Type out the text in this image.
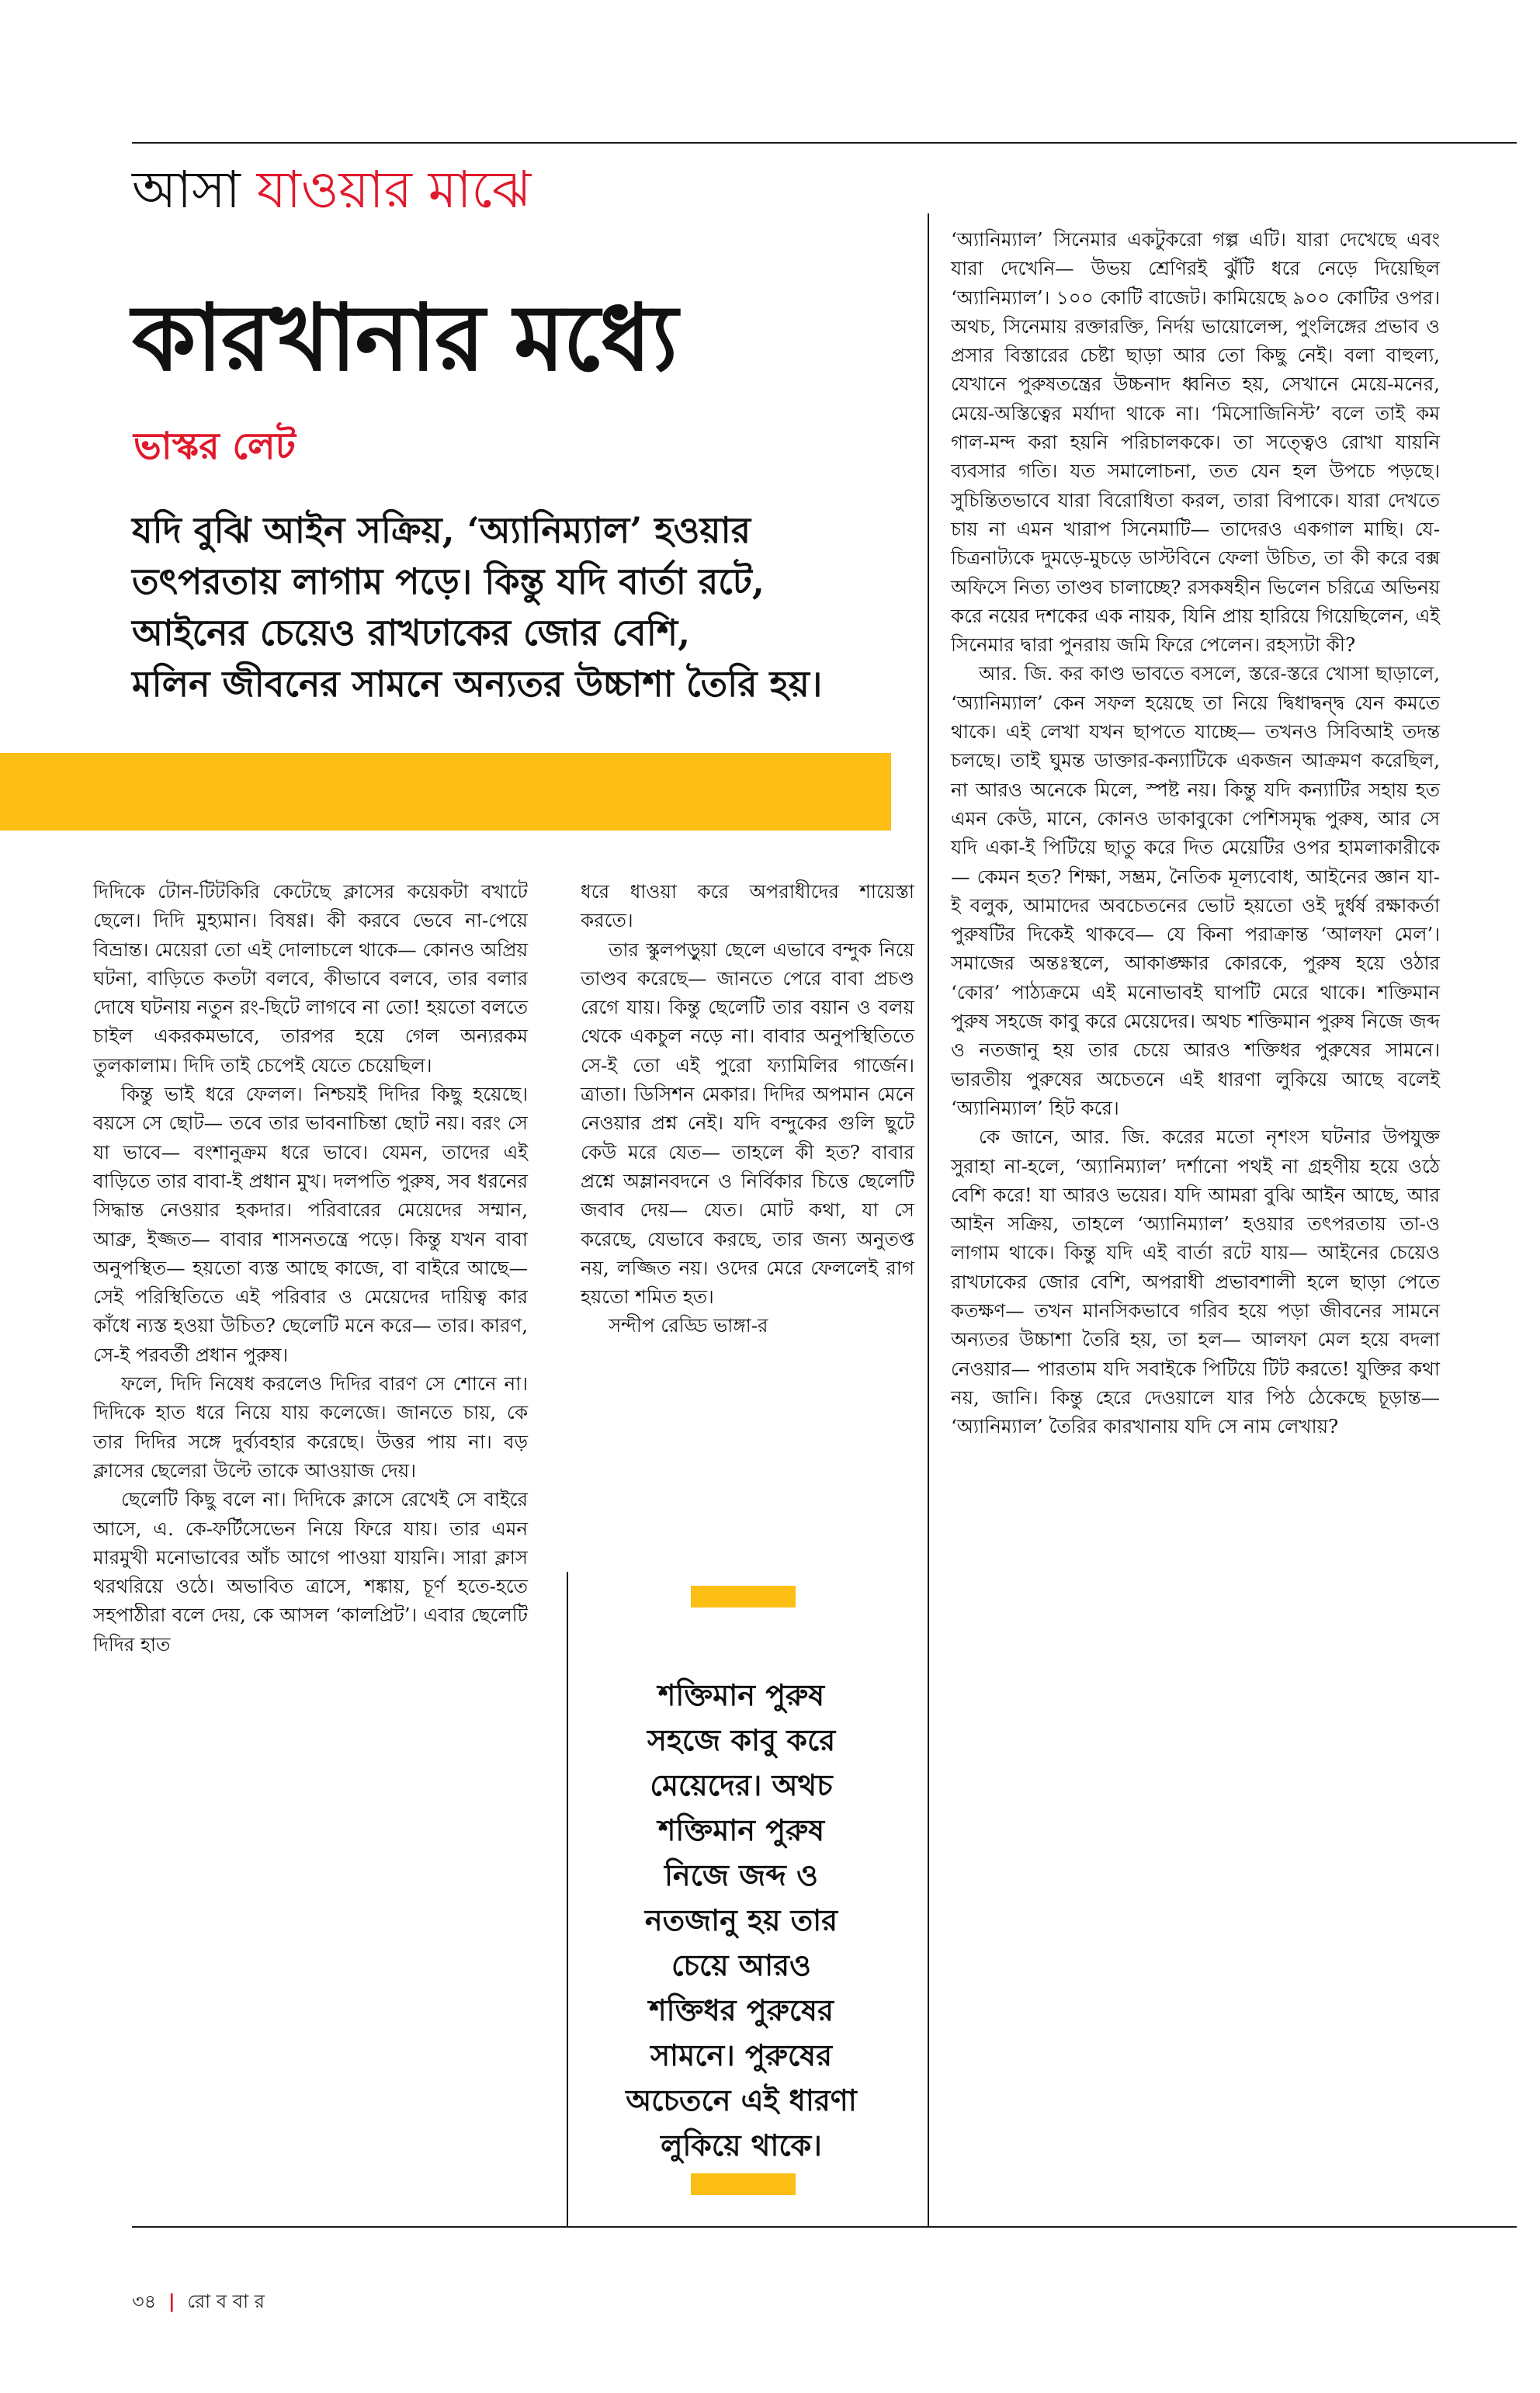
আসা যাওয়ার মাঝে
কারখানার মধ্যে
ভাস্কর লেট

যদি বুঝি আইন সক্রিয়, ‘অ্যানিম্যাল’ হওয়ার

তৎপরতায় লাগাম পড়ে। কিন্তু যদি বার্তা রটে,

আইনের চেয়েও রাখঢাকের জোর বেশি,

মলিন জীবনের সামনে অন্যতর উচ্চাশা তৈরি হয়।

দিদিকে টোন-টিটকিরি কেটেছে ক্লাসের কয়েকটা বখাটে ছেলে। দিদি মুহ্যমান। বিষণ্ণ। কী করবে ভেবে না-পেয়ে বিভ্রান্ত। মেয়েরা তো এই দোলাচলে থাকে— কোনও অপ্রিয় ঘটনা, বাড়িতে কতটা বলবে, কীভাবে বলবে, তার বলার দোষে ঘটনায় নতুন রং-ছিটে লাগবে না তো! হয়তো বলতে চাইল একরকমভাবে, তারপর হয়ে গেল অন্যরকম তুলকালাম। দিদি তাই চেপেই যেতে চেয়েছিল।

কিন্তু ভাই ধরে ফেলল। নিশ্চয়ই দিদির কিছু হয়েছে। বয়সে সে ছোট— তবে তার ভাবনাচিন্তা ছোট নয়। বরং সে যা ভাবে— বংশানুক্রম ধরে ভাবে। যেমন, তাদের এই বাড়িতে তার বাবা-ই প্রধান মুখ। দলপতি পুরুষ, সব ধরনের সিদ্ধান্ত নেওয়ার হকদার। পরিবারের মেয়েদের সম্মান, আব্রু, ইজ্জত— বাবার শাসনতন্ত্রে পড়ে। কিন্তু যখন বাবা অনুপস্থিত— হয়তো ব্যস্ত আছে কাজে, বা বাইরে আছে— সেই পরিস্থিতিতে এই পরিবার ও মেয়েদের দায়িত্ব কার কাঁধে ন্যস্ত হওয়া উচিত? ছেলেটি মনে করে— তার। কারণ, সে-ই পরবর্তী প্রধান পুরুষ।

ফলে, দিদি নিষেধ করলেও দিদির বারণ সে শোনে না। দিদিকে হাত ধরে নিয়ে যায় কলেজে। জানতে চায়, কে তার দিদির সঙ্গে দুর্ব্যবহার করেছে। উত্তর পায় না। বড় ক্লাসের ছেলেরা উল্টে তাকে আওয়াজ দেয়।

ছেলেটি কিছু বলে না। দিদিকে ক্লাসে রেখেই সে বাইরে আসে, এ. কে-ফর্টিসেভেন নিয়ে ফিরে যায়। তার এমন মারমুখী মনোভাবের আঁচ আগে পাওয়া যায়নি। সারা ক্লাস থরথরিয়ে ওঠে। অভাবিত ত্রাসে, শঙ্কায়, চূর্ণ হতে-হতে সহপাঠীরা বলে দেয়, কে আসল ‘কালপ্রিট’। এবার ছেলেটি দিদির হাত

ধরে ধাওয়া করে অপরাধীদের শায়েস্তা করতে।

তার স্কুলপড়ুয়া ছেলে এভাবে বন্দুক নিয়ে তাণ্ডব করেছে— জানতে পেরে বাবা প্রচণ্ড রেগে যায়। কিন্তু ছেলেটি তার বয়ান ও বলয় থেকে একচুল নড়ে না। বাবার অনুপস্থিতিতে সে-ই তো এই পুরো ফ্যামিলির গার্জেন। ত্রাতা। ডিসিশন মেকার। দিদির অপমান মেনে নেওয়ার প্রশ্ন নেই। যদি বন্দুকের গুলি ছুটে কেউ মরে যেত— তাহলে কী হত? বাবার প্রশ্নে অম্লানবদনে ও নির্বিকার চিত্তে ছেলেটি জবাব দেয়— যেত। মোট কথা, যা সে করেছে, যেভাবে করছে, তার জন্য অনুতপ্ত নয়, লজ্জিত নয়। ওদের মেরে ফেললেই রাগ হয়তো শমিত হত।

সন্দীপ রেড্ডি ভাঙ্গা-র

শক্তিমান পুরুষ

সহজে কাবু করে

মেয়েদের। অথচ

শক্তিমান পুরুষ

নিজে জব্দ ও

নতজানু হয় তার

চেয়ে আরও

শক্তিধর পুরুষের

সামনে। পুরুষের

অচেতনে এই ধারণা

লুকিয়ে থাকে।

‘অ্যানিম্যাল’ সিনেমার একটুকরো গল্প এটি। যারা দেখেছে এবং যারা দেখেনি— উভয় শ্রেণিরই ঝুঁটি ধরে নেড়ে দিয়েছিল ‘অ্যানিম্যাল’। ১০০ কোটি বাজেট। কামিয়েছে ৯০০ কোটির ওপর। অথচ, সিনেমায় রক্তারক্তি, নির্দয় ভায়োলেন্স, পুংলিঙ্গের প্রভাব ও প্রসার বিস্তারের চেষ্টা ছাড়া আর তো কিছু নেই। বলা বাহুল্য, যেখানে পুরুষতন্ত্রের উচ্চনাদ ধ্বনিত হয়, সেখানে মেয়ে-মনের, মেয়ে-অস্তিত্বের মর্যাদা থাকে না। ‘মিসোজিনিস্ট’ বলে তাই কম গাল-মন্দ করা হয়নি পরিচালককে। তা সত্ত্বেও রোখা যায়নি ব্যবসার গতি। যত সমালোচনা, তত যেন হল উপচে পড়ছে। সুচিন্তিতভাবে যারা বিরোধিতা করল, তারা বিপাকে। যারা দেখতে চায় না এমন খারাপ সিনেমাটি— তাদেরও একগাল মাছি। যে-চিত্রনাট্যকে দুমড়ে-মুচড়ে ডাস্টবিনে ফেলা উচিত, তা কী করে বক্স অফিসে নিত্য তাণ্ডব চালাচ্ছে? রসকষহীন ভিলেন চরিত্রে অভিনয় করে নয়ের দশকের এক নায়ক, যিনি প্রায় হারিয়ে গিয়েছিলেন, এই সিনেমার দ্বারা পুনরায় জমি ফিরে পেলেন। রহস্যটা কী?

আর. জি. কর কাণ্ড ভাবতে বসলে, স্তরে-স্তরে খোসা ছাড়ালে, ‘অ্যানিম্যাল’ কেন সফল হয়েছে তা নিয়ে দ্বিধাদ্বন্দ্ব যেন কমতে থাকে। এই লেখা যখন ছাপতে যাচ্ছে— তখনও সিবিআই তদন্ত চলছে। তাই ঘুমন্ত ডাক্তার-কন্যাটিকে একজন আক্রমণ করেছিল, না আরও অনেকে মিলে, স্পষ্ট নয়। কিন্তু যদি কন্যাটির সহায় হত এমন কেউ, মানে, কোনও ডাকাবুকো পেশিসমৃদ্ধ পুরুষ, আর সে যদি একা-ই পিটিয়ে ছাতু করে দিত মেয়েটির ওপর হামলাকারীকে— কেমন হত? শিক্ষা, সম্ভ্রম, নৈতিক মূল্যবোধ, আইনের জ্ঞান যা-ই বলুক, আমাদের অবচেতনের ভোট হয়তো ওই দুর্ধর্ষ রক্ষাকর্তা পুরুষটির দিকেই থাকবে— যে কিনা পরাক্রান্ত ‘আলফা মেল’। সমাজের অন্তঃস্থলে, আকাঙ্ক্ষার কোরকে, পুরুষ হয়ে ওঠার ‘কোর’ পাঠ্যক্রমে এই মনোভাবই ঘাপটি মেরে থাকে। শক্তিমান পুরুষ সহজে কাবু করে মেয়েদের। অথচ শক্তিমান পুরুষ নিজে জব্দ ও নতজানু হয় তার চেয়ে আরও শক্তিধর পুরুষের সামনে। ভারতীয় পুরুষের অচেতনে এই ধারণা লুকিয়ে আছে বলেই ‘অ্যানিম্যাল’ হিট করে।

কে জানে, আর. জি. করের মতো নৃশংস ঘটনার উপযুক্ত সুরাহা না-হলে, ‘অ্যানিম্যাল’ দর্শানো পথই না গ্রহণীয় হয়ে ওঠে বেশি করে! যা আরও ভয়ের। যদি আমরা বুঝি আইন আছে, আর আইন সক্রিয়, তাহলে ‘অ্যানিম্যাল’ হওয়ার তৎপরতায় তা-ও লাগাম থাকে। কিন্তু যদি এই বার্তা রটে যায়— আইনের চেয়েও রাখঢাকের জোর বেশি, অপরাধী প্রভাবশালী হলে ছাড়া পেতে কতক্ষণ— তখন মানসিকভাবে গরিব হয়ে পড়া জীবনের সামনে অন্যতর উচ্চাশা তৈরি হয়, তা হল— আলফা মেল হয়ে বদলা নেওয়ার— পারতাম যদি সবাইকে পিটিয়ে টিট করতে! যুক্তির কথা নয়, জানি। কিন্তু হেরে দেওয়ালে যার পিঠ ঠেকেছে চূড়ান্ত— ‘অ্যানিম্যাল’ তৈরির কারখানায় যদি সে নাম লেখায়?

৩৪ | রো ব বা র
